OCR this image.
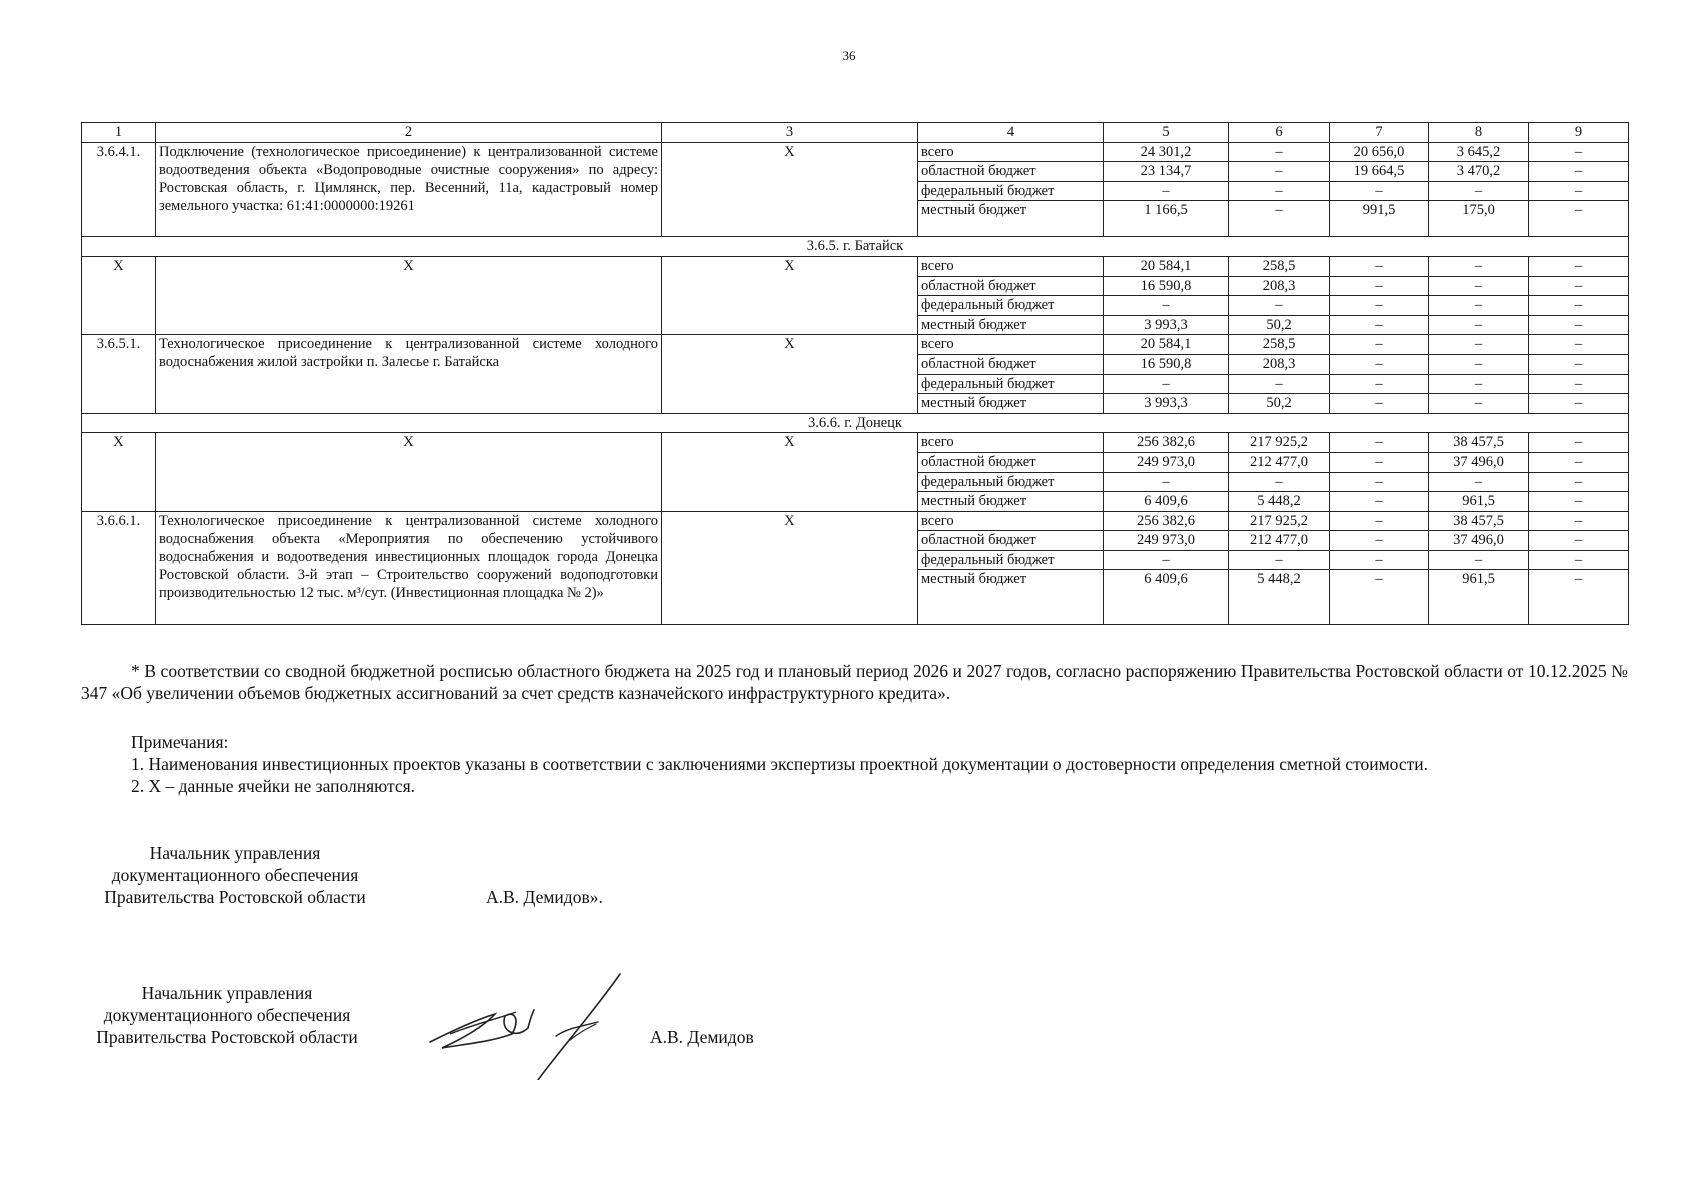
36
1	2	3	4	5	6	7	8	9
3.6.4.1.	Подключение (технологическое присоединение) к централизованной системе водоотведения объекта «Водопроводные очистные сооружения» по адресу: Ростовская область, г. Цимлянск, пер. Весенний, 11а, кадастровый номер земельного участка: 61:41:0000000:19261	Х	всего	24 301,2	–	20 656,0	3 645,2	–
			областной бюджет	23 134,7	–	19 664,5	3 470,2	–
			федеральный бюджет	–	–	–	–	–
			местный бюджет	1 166,5	–	991,5	175,0	–
3.6.5. г. Батайск								
Х	Х	Х	всего	20 584,1	258,5	–	–	–
			областной бюджет	16 590,8	208,3	–	–	–
			федеральный бюджет	–	–	–	–	–
			местный бюджет	3 993,3	50,2	–	–	–
3.6.5.1.	Технологическое присоединение к централизованной системе холодного водоснабжения жилой застройки п. Залесье г. Батайска	Х	всего	20 584,1	258,5	–	–	–
			областной бюджет	16 590,8	208,3	–	–	–
			федеральный бюджет	–	–	–	–	–
			местный бюджет	3 993,3	50,2	–	–	–
3.6.6. г. Донецк								
Х	Х	Х	всего	256 382,6	217 925,2	–	38 457,5	–
			областной бюджет	249 973,0	212 477,0	–	37 496,0	–
			федеральный бюджет	–	–	–	–	–
			местный бюджет	6 409,6	5 448,2	–	961,5	–
3.6.6.1.	Технологическое присоединение к централизованной системе холодного водоснабжения объекта «Мероприятия по обеспечению устойчивого водоснабжения и водоотведения инвестиционных площадок города Донецка Ростовской области. 3-й этап – Строительство сооружений водоподготовки производительностью 12 тыс. м³/сут. (Инвестиционная площадка № 2)»	Х	всего	256 382,6	217 925,2	–	38 457,5	–
			областной бюджет	249 973,0	212 477,0	–	37 496,0	–
			федеральный бюджет	–	–	–	–	–
			местный бюджет	6 409,6	5 448,2	–	961,5	–
* В соответствии со сводной бюджетной росписью областного бюджета на 2025 год и плановый период 2026 и 2027 годов, согласно распоряжению Правительства Ростовской области от 10.12.2025 № 347 «Об увеличении объемов бюджетных ассигнований за счет средств казначейского инфраструктурного кредита».
Примечания:
1. Наименования инвестиционных проектов указаны в соответствии с заключениями экспертизы проектной документации о достоверности определения сметной стоимости.
2. Х – данные ячейки не заполняются.
Начальник управления
документационного обеспечения
Правительства Ростовской области	А.В. Демидов».
Начальник управления
документационного обеспечения
Правительства Ростовской области	А.В. Демидов
